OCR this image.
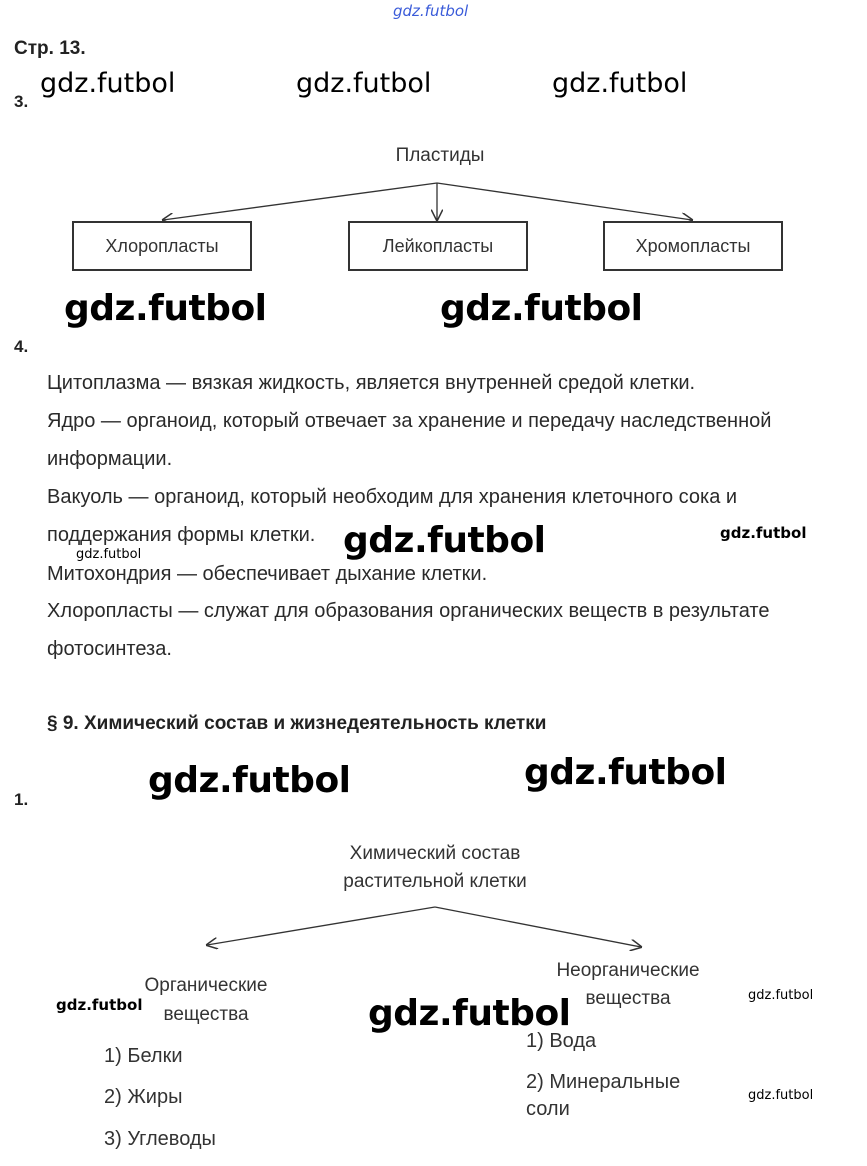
gdz.futbol
Стр. 13.
3.
gdz.futbol	gdz.futbol	gdz.futbol
Пластиды
Хлоропласты	Лейкопласты	Хромопласты
gdz.futbol	gdz.futbol
4.
Цитоплазма — вязкая жидкость, является внутренней средой клетки.
Ядро — органоид, который отвечает за хранение и передачу наследственной
информации.
Вакуоль — органоид, который необходим для хранения клеточного сока и
поддержания формы клетки.
Митохондрия — обеспечивает дыхание клетки.
Хлоропласты — служат для образования органических веществ в результате
фотосинтеза.
gdz.futbol	gdz.futbol	gdz.futbol
§ 9. Химический состав и жизнедеятельность клетки
gdz.futbol	gdz.futbol
1.
Химический состав
растительной клетки
Органические
вещества
Неорганические
вещества
1) Белки
2) Жиры
3) Углеводы
1) Вода
2) Минеральные
соли
gdz.futbol	gdz.futbol	gdz.futbol
gdz.futbol
